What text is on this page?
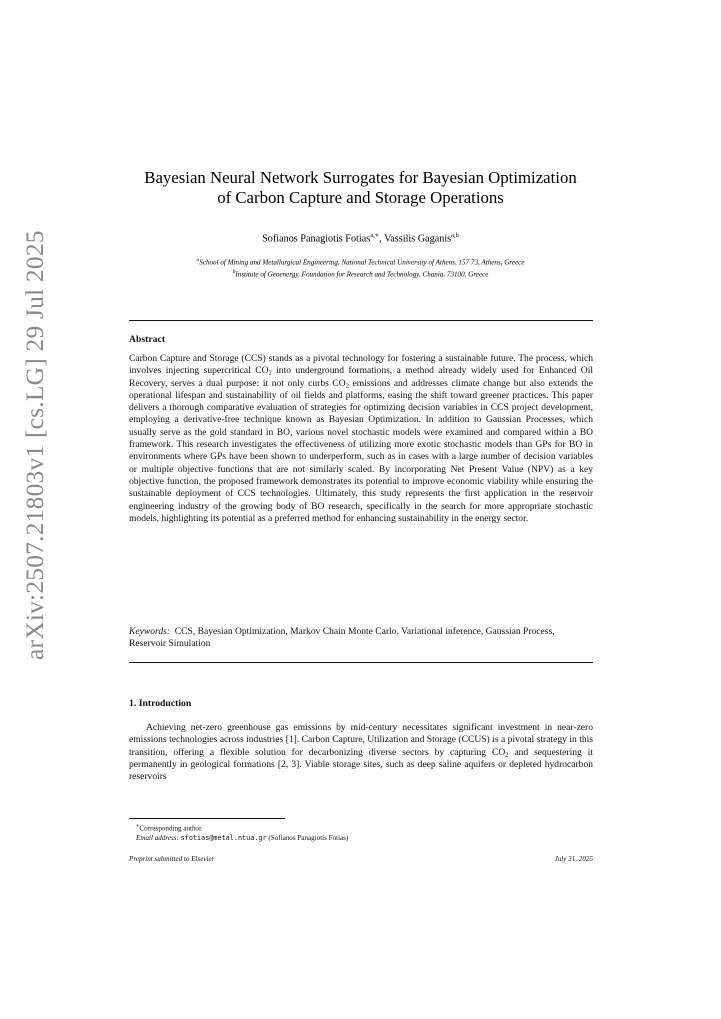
arXiv:2507.21803v1 [cs.LG] 29 Jul 2025
Bayesian Neural Network Surrogates for Bayesian Optimization
of Carbon Capture and Storage Operations
Sofianos Panagiotis Fotias$^{a,∗}$, Vassilis Gaganis$^{a,b}$
$^a$School of Mining and Metallurgical Engineering, National Technical University of Athens, 157 73, Athens, Greece
$^b$Institute of Geoenergy, Foundation for Research and Technology, Chania, 73100, Greece
Abstract
Carbon Capture and Storage (CCS) stands as a pivotal technology for fostering a sustainable future. The process, which involves injecting supercritical $CO_2$ into underground formations, a method already widely used for Enhanced Oil Recovery, serves a dual purpose: it not only curbs $CO_2$ emissions and addresses climate change but also extends the operational lifespan and sustainability of oil fields and platforms, easing the shift toward greener practices. This paper delivers a thorough comparative evaluation of strategies for optimizing decision variables in CCS project development, employing a derivative-free technique known as Bayesian Optimization. In addition to Gaussian Processes, which usually serve as the gold standard in BO, various novel stochastic models were examined and compared within a BO framework. This research investigates the effectiveness of utilizing more exotic stochastic models than GPs for BO in environments where GPs have been shown to underperform, such as in cases with a large number of decision variables or multiple objective functions that are not similarly scaled. By incorporating Net Present Value (NPV) as a key objective function, the proposed framework demonstrates its potential to improve economic viability while ensuring the sustainable deployment of CCS technologies. Ultimately, this study represents the first application in the reservoir engineering industry of the growing body of BO research, specifically in the search for more appropriate stochastic models, highlighting its potential as a preferred method for enhancing sustainability in the energy sector.
Keywords: CCS, Bayesian Optimization, Markov Chain Monte Carlo, Variational inference, Gaussian Process, Reservoir Simulation
1. Introduction
Achieving net-zero greenhouse gas emissions by mid-century necessitates significant investment in near-zero emissions technologies across industries [1]. Carbon Capture, Utilization and Storage (CCUS) is a pivotal strategy in this transition, offering a flexible solution for decarbonizing diverse sectors by capturing $CO_2$ and sequestering it permanently in geological formations [2, 3]. Viable storage sites, such as deep saline aquifers or depleted hydrocarbon reservoirs
∗Corresponding author.
Email address: sfotias@metal.ntua.gr (Sofianos Panagiotis Fotias)
Preprint submitted to Elsevier	July 31, 2025
